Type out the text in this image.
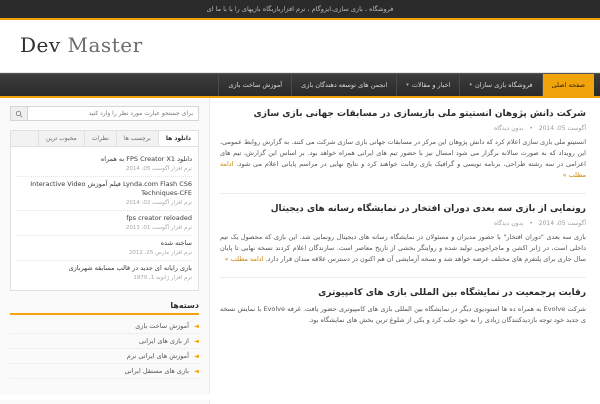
فروشگاه ، بازی سازی،ایزوگام ، نرم افزاربازیگاه بازیهای را یا با ما ای
Dev Master
صفحه اصلی
فروشگاه بازی سازان
▾
اخبار و مقالات
▾
انجمن های توسعه دهندگان بازی
آموزش ساخت بازی
شرکت دانش پژوهان انستیتو ملی بازیسازی در مسابقات جهانی بازی سازی
آگوست 05، 2014 • بدون دیدگاه
انستیتو ملی بازی سازی اعلام کرد که دانش پژوهان این مرکز در مسابقات جهانی بازی سازی شرکت می کنند. به گزارش روابط عمومی، این رویداد که به صورت سالانه برگزار می شود امسال نیز با حضور تیم های ایرانی همراه خواهد بود. بر اساس این گزارش، تیم های اعزامی در سه رشته طراحی، برنامه نویسی و گرافیک بازی رقابت خواهند کرد و نتایج نهایی در مراسم پایانی اعلام می شود. ادامه مطلب »
رونمایی از بازی سه بعدی دوران افتخار در نمایشگاه رسانه های دیجیتال
آگوست 05، 2014 • بدون دیدگاه
بازی سه بعدی "دوران افتخار" با حضور مدیران و مسئولان در نمایشگاه رسانه های دیجیتال رونمایی شد. این بازی که محصول یک تیم داخلی است، در ژانر اکشن و ماجراجویی تولید شده و روایتگر بخشی از تاریخ معاصر است. سازندگان اعلام کردند نسخه نهایی تا پایان سال جاری برای پلتفرم های مختلف عرضه خواهد شد و نسخه آزمایشی آن هم اکنون در دسترس علاقه مندان قرار دارد. ادامه مطلب »
رقابت پرجمعیت در نمایشگاه بین المللی بازی های کامپیوتری
شرکت Evolve به همراه ده ها استودیوی دیگر در نمایشگاه بین المللی بازی های کامپیوتری حضور یافت. غرفه Evolve با نمایش نسخه ی جدید خود توجه بازدیدکنندگان زیادی را به خود جلب کرد و یکی از شلوغ ترین بخش های نمایشگاه بود.
برای جستجو عبارت مورد نظر را وارد کنید
دانلود ها
برچسب ها
نظرات
محبوب ترین
دانلود FPS Creator X1 به همراه
نرم افزار آگوست 05، 2014
Lynda.com Flash CS6 فیلم آموزش Interactive Video Techniques-CFE
نرم افزار آگوست 02، 2014
fps creator reloaded
نرم افزار آگوست 01، 2013
ساخته شده
نرم افزار مارس 25، 2012
بازی رایانه ای جدید در قالب مسابقه شهربازی
نرم افزار ژانویه 1، 1970
دسته‌ها
◄ آموزش ساخت بازی
◄ از بازی های ایرانی
◄ آموزش های ایرانی نرم
◄ بازی های مستقل ایرانی
